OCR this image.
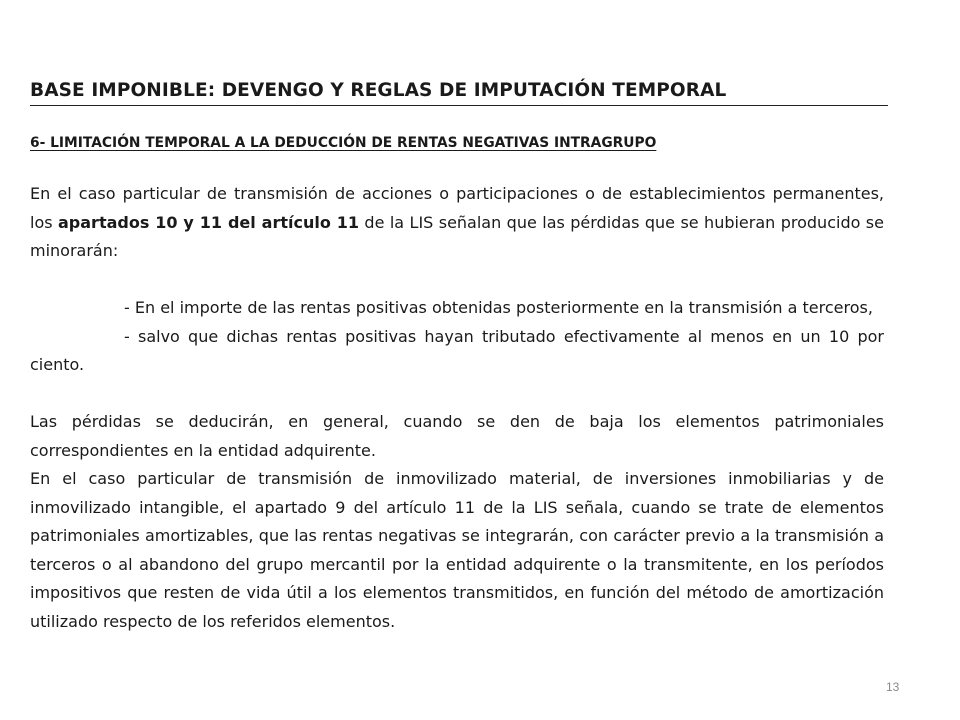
BASE IMPONIBLE: DEVENGO Y REGLAS DE IMPUTACIÓN TEMPORAL
6- LIMITACIÓN TEMPORAL A LA DEDUCCIÓN DE RENTAS NEGATIVAS INTRAGRUPO

En el caso particular de transmisión de acciones o participaciones o de establecimientos permanentes, los apartados 10 y 11 del artículo 11 de la LIS señalan que las pérdidas que se hubieran producido se minorarán:

- En el importe de las rentas positivas obtenidas posteriormente en la transmisión a terceros,

- salvo que dichas rentas positivas hayan tributado efectivamente al menos en un 10 por ciento.

Las pérdidas se deducirán, en general, cuando se den de baja los elementos patrimoniales correspondientes en la entidad adquirente.

En el caso particular de transmisión de inmovilizado material, de inversiones inmobiliarias y de inmovilizado intangible, el apartado 9 del artículo 11 de la LIS señala, cuando se trate de elementos patrimoniales amortizables, que las rentas negativas se integrarán, con carácter previo a la transmisión a terceros o al abandono del grupo mercantil por la entidad adquirente o la transmitente, en los períodos impositivos que resten de vida útil a los elementos transmitidos, en función del método de amortización utilizado respecto de los referidos elementos.

13
